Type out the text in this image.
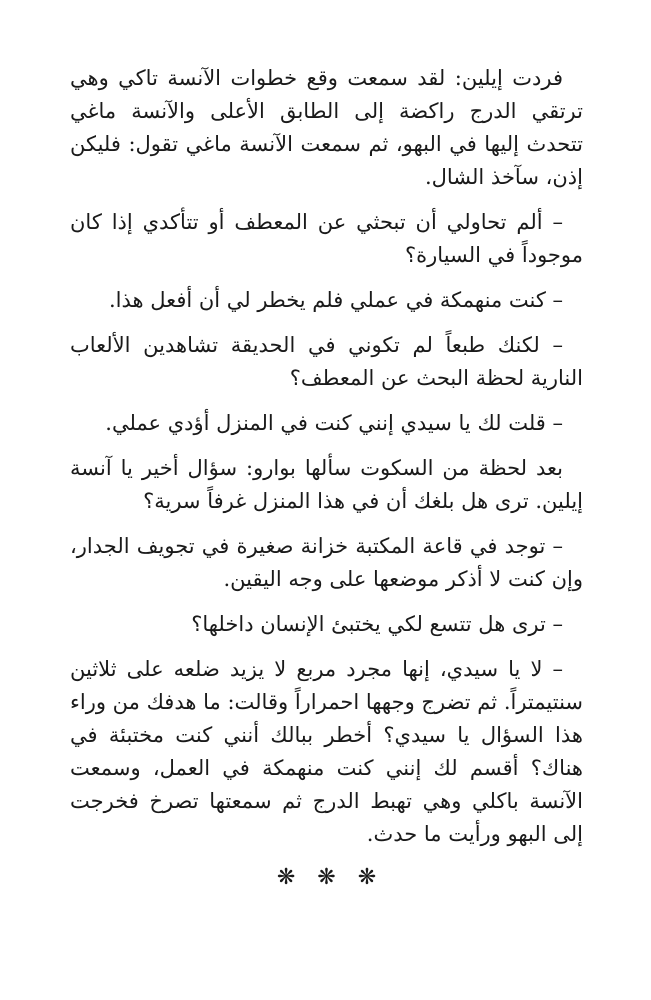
فردت إيلين: لقد سمعت وقع خطوات الآنسة تاكي وهي ترتقي الدرج راكضة إلى الطابق الأعلى والآنسة ماغي تتحدث إليها في البهو، ثم سمعت الآنسة ماغي تقول: فليكن إذن، سآخذ الشال.

– ألم تحاولي أن تبحثي عن المعطف أو تتأكدي إذا كان موجوداً في السيارة؟

– كنت منهمكة في عملي فلم يخطر لي أن أفعل هذا.

– لكنك طبعاً لم تكوني في الحديقة تشاهدين الألعاب النارية لحظة البحث عن المعطف؟

– قلت لك يا سيدي إنني كنت في المنزل أؤدي عملي.

بعد لحظة من السكوت سألها بوارو: سؤال أخير يا آنسة إيلين. ترى هل بلغك أن في هذا المنزل غرفاً سرية؟

– توجد في قاعة المكتبة خزانة صغيرة في تجويف الجدار، وإن كنت لا أذكر موضعها على وجه اليقين.

– ترى هل تتسع لكي يختبئ الإنسان داخلها؟

– لا يا سيدي، إنها مجرد مربع لا يزيد ضلعه على ثلاثين سنتيمتراً. ثم تضرج وجهها احمراراً وقالت: ما هدفك من وراء هذا السؤال يا سيدي؟ أخطر ببالك أنني كنت مختبئة في هناك؟ أقسم لك إنني كنت منهمكة في العمل، وسمعت الآنسة باكلي وهي تهبط الدرج ثم سمعتها تصرخ فخرجت إلى البهو ورأيت ما حدث.

❋❋❋
